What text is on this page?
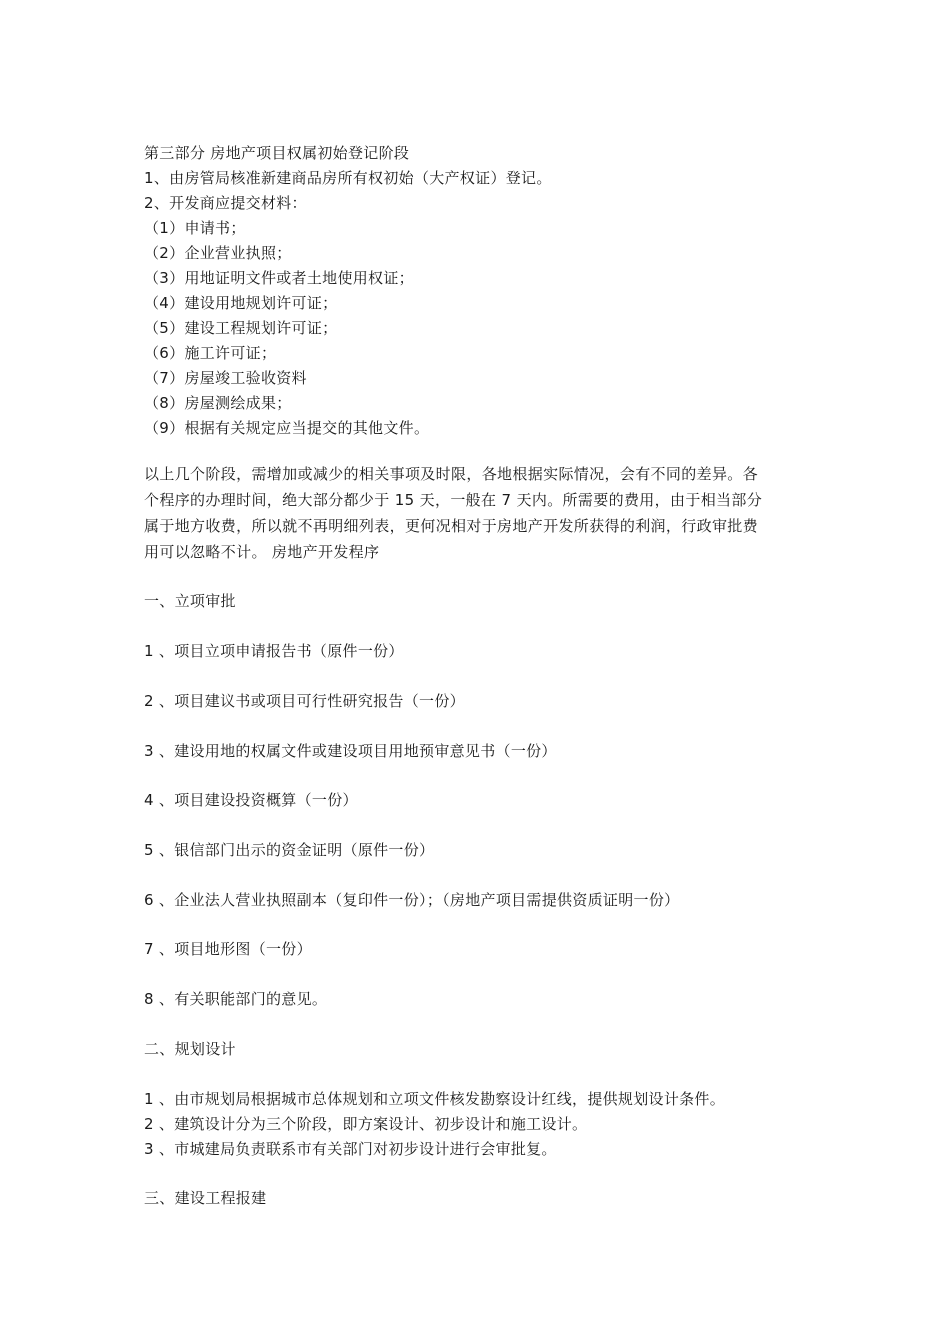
第三部分 房地产项目权属初始登记阶段
1、由房管局核准新建商品房所有权初始（大产权证）登记。
2、开发商应提交材料：
（1）申请书；
（2）企业营业执照；
（3）用地证明文件或者土地使用权证；
（4）建设用地规划许可证；
（5）建设工程规划许可证；
（6）施工许可证；
（7）房屋竣工验收资料
（8）房屋测绘成果；
（9）根据有关规定应当提交的其他文件。
以上几个阶段，需增加或减少的相关事项及时限，各地根据实际情况，会有不同的差异。各
个程序的办理时间，绝大部分都少于 15 天，一般在 7 天内。所需要的费用，由于相当部分
属于地方收费，所以就不再明细列表，更何况相对于房地产开发所获得的利润，行政审批费
用可以忽略不计。 房地产开发程序
一、立项审批
1 、项目立项申请报告书（原件一份）
2 、项目建议书或项目可行性研究报告（一份）
3 、建设用地的权属文件或建设项目用地预审意见书（一份）
4 、项目建设投资概算（一份）
5 、银信部门出示的资金证明（原件一份）
6 、企业法人营业执照副本（复印件一份）；（房地产项目需提供资质证明一份）
7 、项目地形图（一份）
8 、有关职能部门的意见。
二、规划设计
1 、由市规划局根据城市总体规划和立项文件核发勘察设计红线，提供规划设计条件。
2 、建筑设计分为三个阶段，即方案设计、初步设计和施工设计。
3 、市城建局负责联系市有关部门对初步设计进行会审批复。
三、建设工程报建
